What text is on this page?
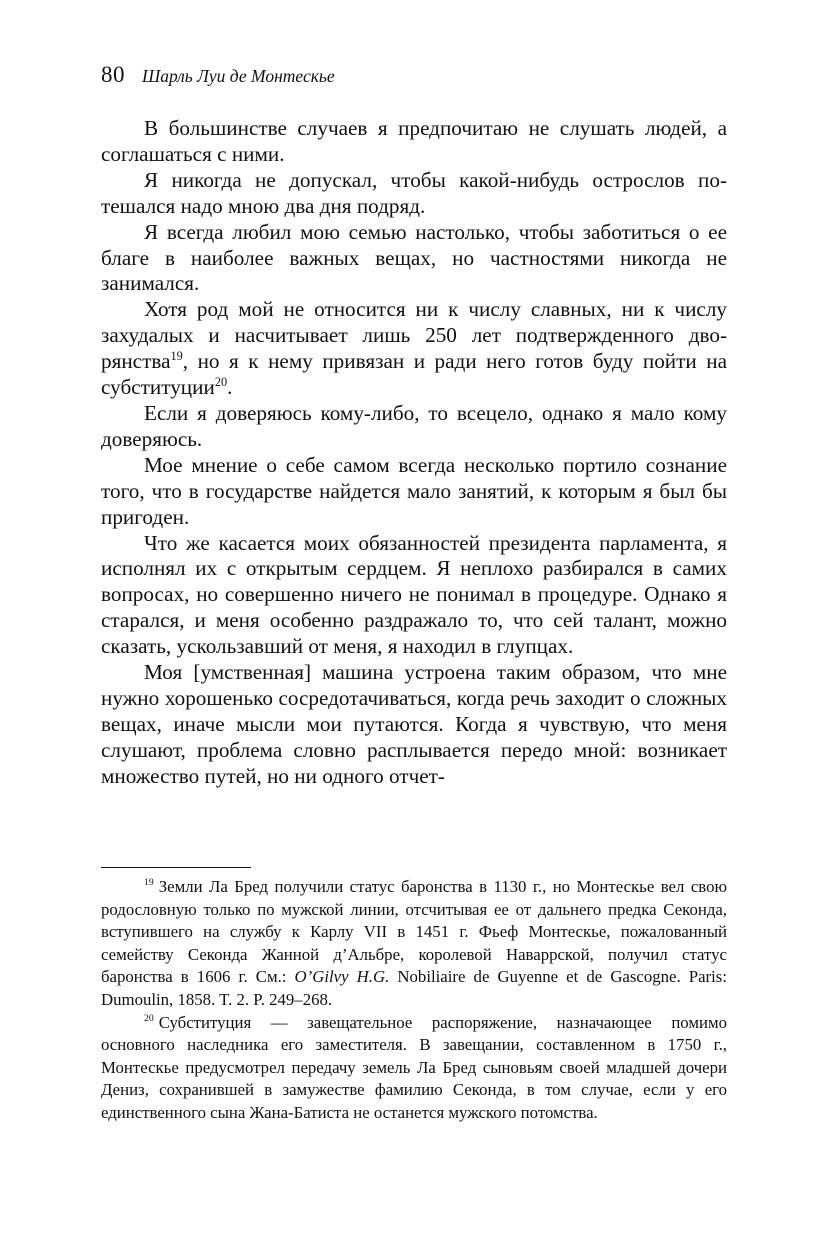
80 Шарль Луи де Монтескье

В большинстве случаев я предпочитаю не слушать людей, а соглашаться с ними.

Я никогда не допускал, чтобы какой-нибудь острослов потешался надо мною два дня подряд.

Я всегда любил мою семью настолько, чтобы заботиться о ее благе в наиболее важных вещах, но частностями никогда не занимался.

Хотя род мой не относится ни к числу славных, ни к числу захудалых и насчитывает лишь 250 лет подтвержденного дворянства$^{19}$, но я к нему привязан и ради него готов буду пойти на субституции$^{20}$.

Если я доверяюсь кому-либо, то всецело, однако я мало кому доверяюсь.

Мое мнение о себе самом всегда несколько портило сознание того, что в государстве найдется мало занятий, к которым я был бы пригоден.

Что же касается моих обязанностей президента парламента, я исполнял их с открытым сердцем. Я неплохо разбирался в самих вопросах, но совершенно ничего не понимал в процедуре. Однако я старался, и меня особенно раздражало то, что сей талант, можно сказать, ускользавший от меня, я находил в глупцах.

Моя [умственная] машина устроена таким образом, что мне нужно хорошенько сосредотачиваться, когда речь заходит о сложных вещах, иначе мысли мои путаются. Когда я чувствую, что меня слушают, проблема словно расплывается передо мной: возникает множество путей, но ни одного отчет-

$^{19}$ Земли Ла Бред получили статус баронства в 1130 г., но Монтескье вел свою родословную только по мужской линии, отсчитывая ее от дальнего предка Секонда, вступившего на службу к Карлу VII в 1451 г. Фьеф Монтескье, пожалованный семейству Секонда Жанной д’Альбре, королевой Наваррской, получил статус баронства в 1606 г. См.: O’Gilvy H.G. Nobiliaire de Guyenne et de Gascogne. Paris: Dumoulin, 1858. T. 2. P. 249–268.

$^{20}$ Субституция — завещательное распоряжение, назначающее помимо основного наследника его заместителя. В завещании, составленном в 1750 г., Монтескье предусмотрел передачу земель Ла Бред сыновьям своей младшей дочери Дениз, сохранившей в замужестве фамилию Секонда, в том случае, если у его единственного сына Жана-Батиста не останется мужского потомства.
